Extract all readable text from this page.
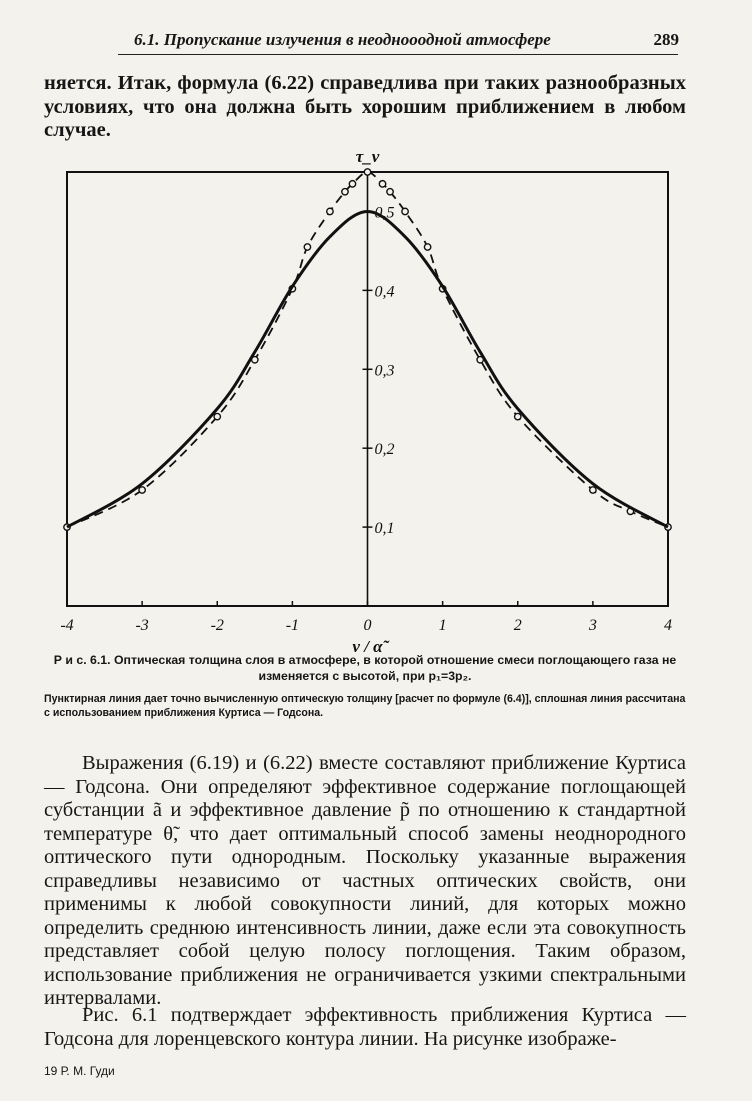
6.1. Пропускание излучения в неоднооодной атмосфере	289
няется. Итак, формула (6.22) справедлива при таких разнообразных условиях, что она должна быть хорошим приближением в любом случае.
0,1
0,2
0,3
0,4
0,5
-4	-3	-2	-1	0	1	2	3	4
τ_ν
ν / α̃
Р и с. 6.1. Оптическая толщина слоя в атмосфере, в которой отношение смеси поглощающего газа не изменяется с высотой, при p₁=3p₂.
Пунктирная линия дает точно вычисленную оптическую толщину [расчет по формуле (6.4)], сплошная линия рассчитана с использованием приближения Куртиса — Годсона.
Выражения (6.19) и (6.22) вместе составляют приближение Куртиса — Годсона. Они определяют эффективное содержание поглощающей субстанции ã и эффективное давление p̃ по отношению к стандартной температуре θ̃, что дает оптимальный способ замены неоднородного оптического пути однородным. Поскольку указанные выражения справедливы независимо от частных оптических свойств, они применимы к любой совокупности линий, для которых можно определить среднюю интенсивность линии, даже если эта совокупность представляет собой целую полосу поглощения. Таким образом, использование приближения не ограничивается узкими спектральными интервалами.
Рис. 6.1 подтверждает эффективность приближения Куртиса — Годсона для лоренцевского контура линии. На рисунке изображе-
19 Р. М. Гуди
